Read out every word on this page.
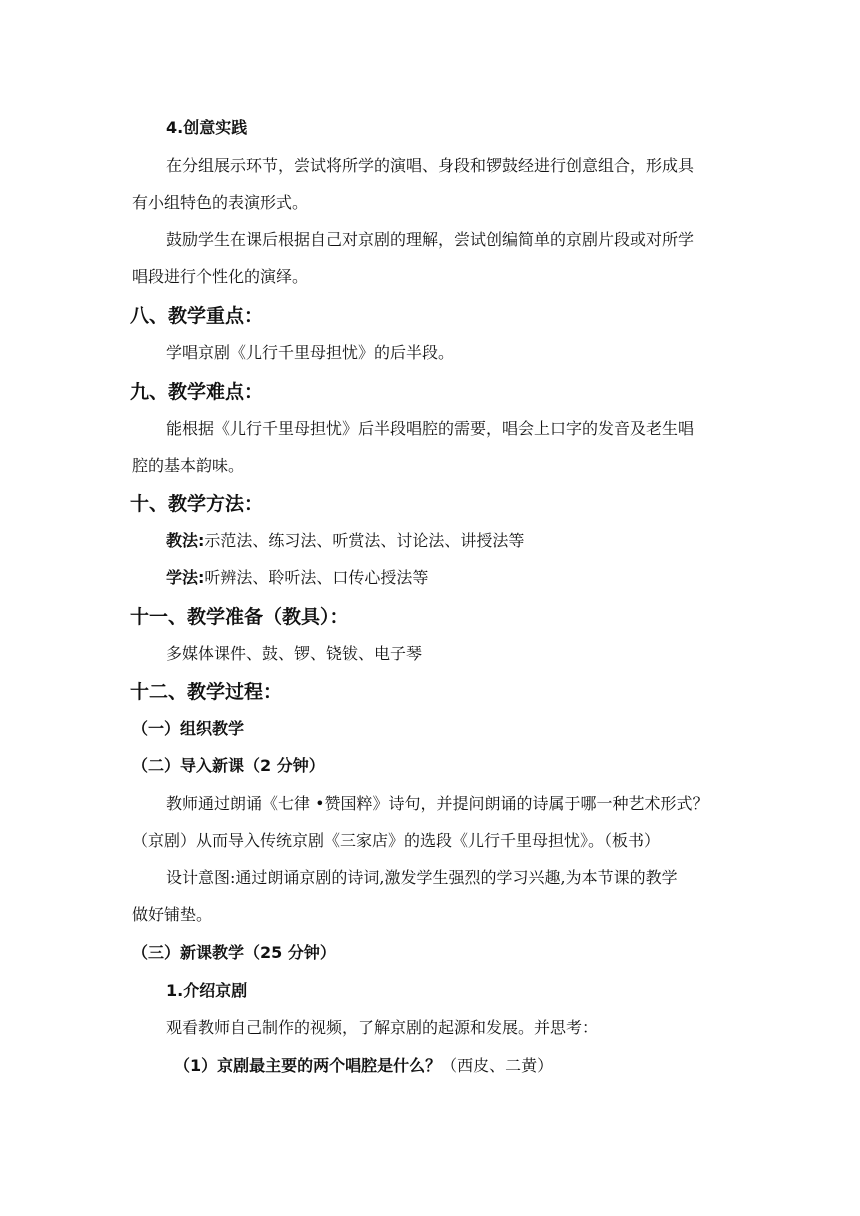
4.创意实践
在分组展示环节，尝试将所学的演唱、身段和锣鼓经进行创意组合，形成具
有小组特色的表演形式。
鼓励学生在课后根据自己对京剧的理解，尝试创编简单的京剧片段或对所学
唱段进行个性化的演绎。
八、教学重点：
学唱京剧《儿行千里母担忧》的后半段。
九、教学难点：
能根据《儿行千里母担忧》后半段唱腔的需要，唱会上口字的发音及老生唱
腔的基本韵味。
十、教学方法：
教法:示范法、练习法、听赏法、讨论法、讲授法等
学法:听辨法、聆听法、口传心授法等
十一、教学准备（教具）：
多媒体课件、鼓、锣、铙钹、电子琴
十二、教学过程：
（一）组织教学
（二）导入新课（2 分钟）
教师通过朗诵《七律 •赞国粹》诗句，并提问朗诵的诗属于哪一种艺术形式？
（京剧）从而导入传统京剧《三家店》的选段《儿行千里母担忧》。（板书）
设计意图:通过朗诵京剧的诗词,激发学生强烈的学习兴趣,为本节课的教学
做好铺垫。
（三）新课教学（25 分钟）
1.介绍京剧
观看教师自己制作的视频，了解京剧的起源和发展。并思考：
（1）京剧最主要的两个唱腔是什么？（西皮、二黄）
